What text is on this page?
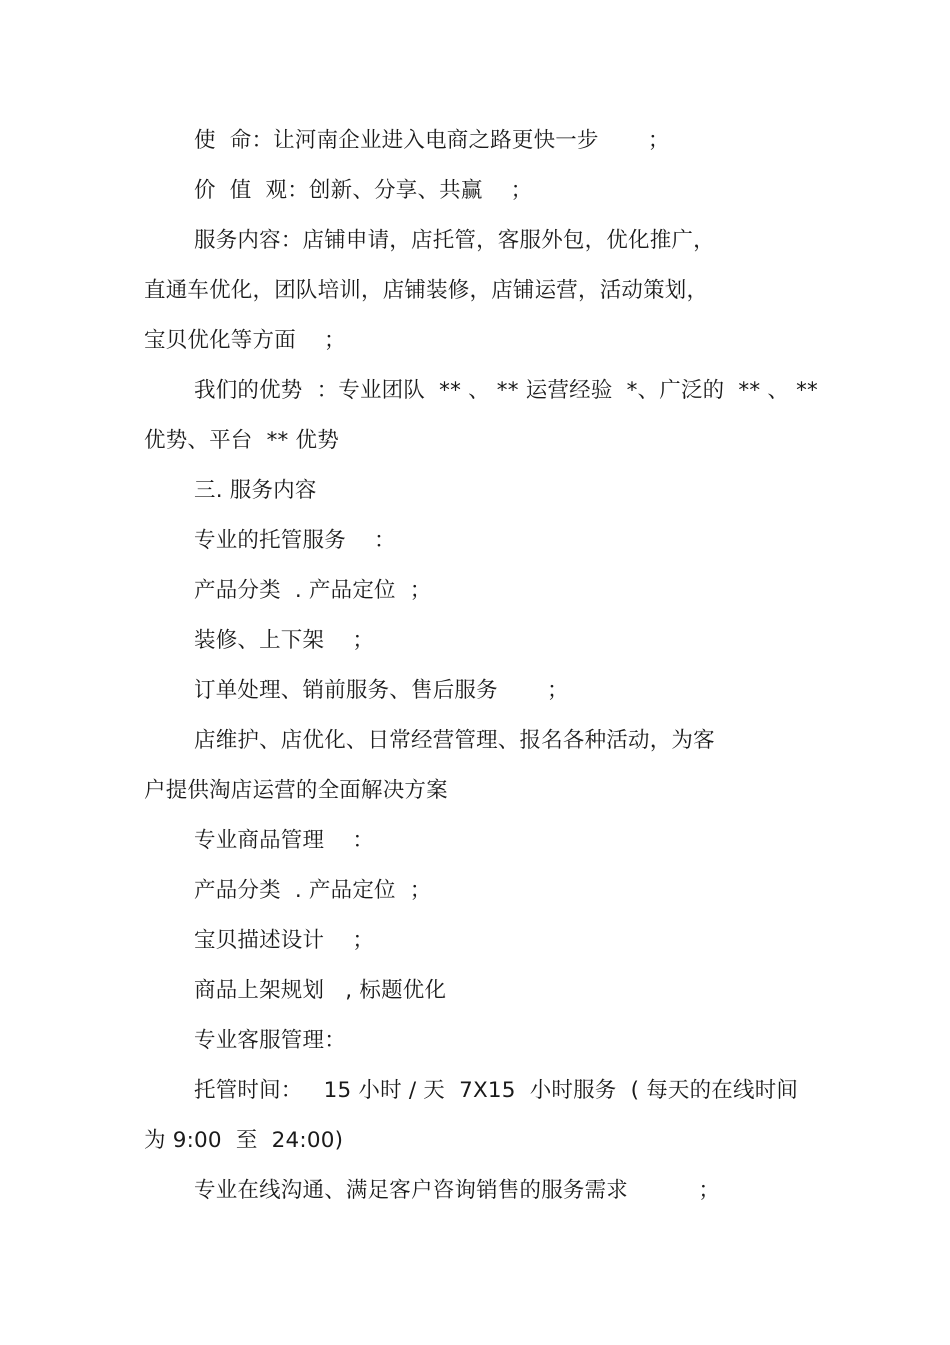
使  命：让河南企业进入电商之路更快一步       ；
价  值  观：创新、分享、共赢    ；
服务内容：店铺申请，店托管，客服外包，优化推广，
直通车优化，团队培训，店铺装修，店铺运营，活动策划，
宝贝优化等方面    ；
我们的优势  ：专业团队  ** 、 ** 运营经验  *、广泛的  ** 、 **
优势、平台  ** 优势
三. 服务内容
专业的托管服务    ：
产品分类  . 产品定位  ；
装修、上下架    ；
订单处理、销前服务、售后服务       ；
店维护、店优化、日常经营管理、报名各种活动，为客
户提供淘店运营的全面解决方案
专业商品管理    ：
产品分类  . 产品定位  ；
宝贝描述设计    ；
商品上架规划   , 标题优化
专业客服管理：
托管时间：   15 小时 / 天  7X15  小时服务  ( 每天的在线时间
为 9:00  至  24:00)
专业在线沟通、满足客户咨询销售的服务需求          ；
